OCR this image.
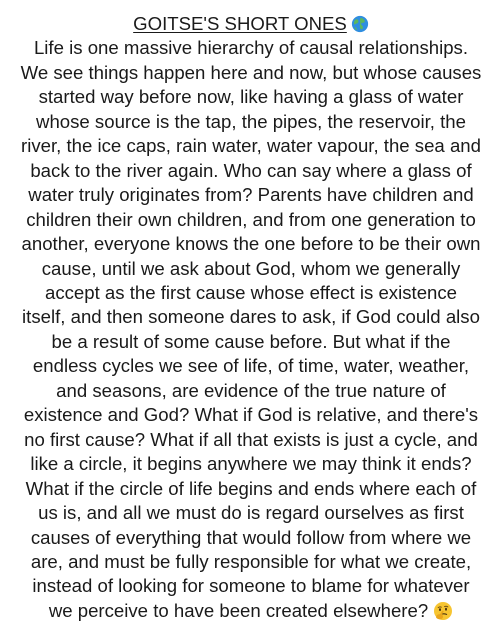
GOITSE'S SHORT ONES
Life is one massive hierarchy of causal relationships.
We see things happen here and now, but whose causes
started way before now, like having a glass of water
whose source is the tap, the pipes, the reservoir, the
river, the ice caps, rain water, water vapour, the sea and
back to the river again. Who can say where a glass of
water truly originates from? Parents have children and
children their own children, and from one generation to
another, everyone knows the one before to be their own
cause, until we ask about God, whom we generally
accept as the first cause whose effect is existence
itself, and then someone dares to ask, if God could also
be a result of some cause before. But what if the
endless cycles we see of life, of time, water, weather,
and seasons, are evidence of the true nature of
existence and God? What if God is relative, and there's
no first cause? What if all that exists is just a cycle, and
like a circle, it begins anywhere we may think it ends?
What if the circle of life begins and ends where each of
us is, and all we must do is regard ourselves as first
causes of everything that would follow from where we
are, and must be fully responsible for what we create,
instead of looking for someone to blame for whatever
we perceive to have been created elsewhere?
